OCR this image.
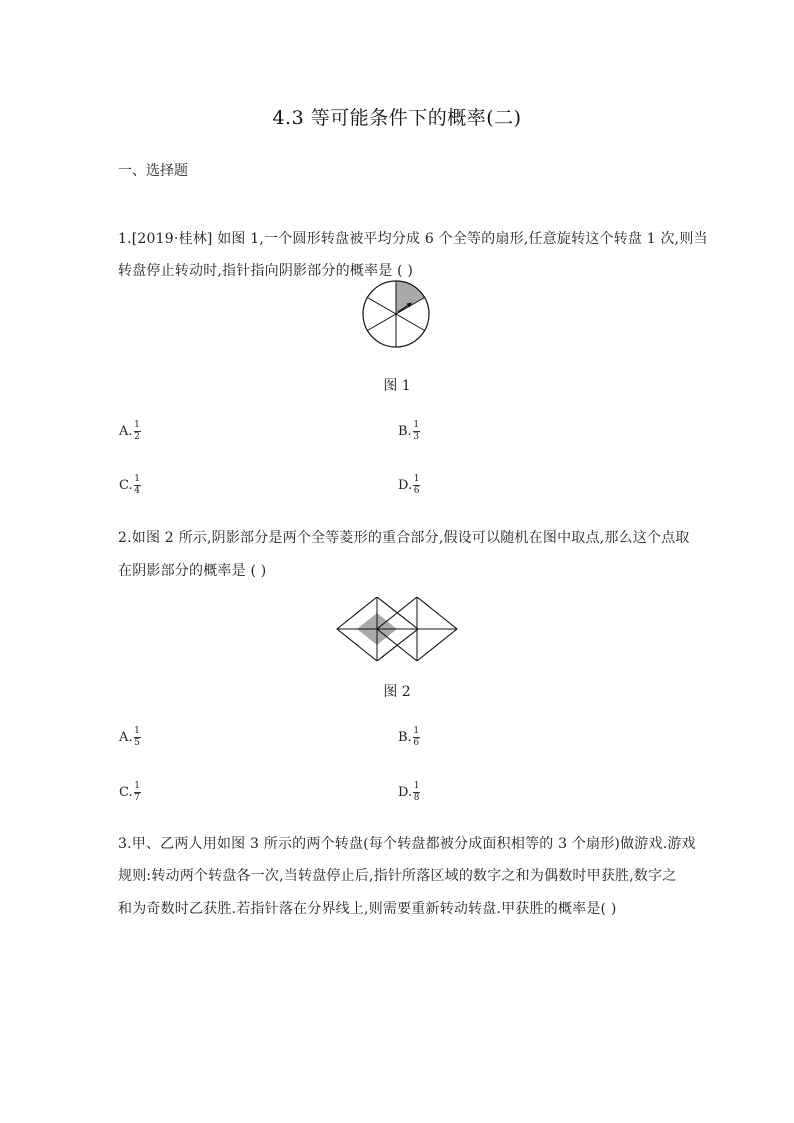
4.3 等可能条件下的概率(二)
一、选择题
1.[2019·桂林] 如图 1,一个圆形转盘被平均分成 6 个全等的扇形,任意旋转这个转盘 1 次,则当
转盘停止转动时,指针指向阴影部分的概率是 ( )
图 1
A. $\frac{1}{2}$	B. $\frac{1}{3}$
C. $\frac{1}{4}$	D. $\frac{1}{6}$
2.如图 2 所示,阴影部分是两个全等菱形的重合部分,假设可以随机在图中取点,那么这个点取
在阴影部分的概率是 ( )
图 2
A. $\frac{1}{5}$	B. $\frac{1}{6}$
C. $\frac{1}{7}$	D. $\frac{1}{8}$
3.甲、乙两人用如图 3 所示的两个转盘(每个转盘都被分成面积相等的 3 个扇形)做游戏.游戏
规则:转动两个转盘各一次,当转盘停止后,指针所落区域的数字之和为偶数时甲获胜,数字之
和为奇数时乙获胜.若指针落在分界线上,则需要重新转动转盘.甲获胜的概率是( )
